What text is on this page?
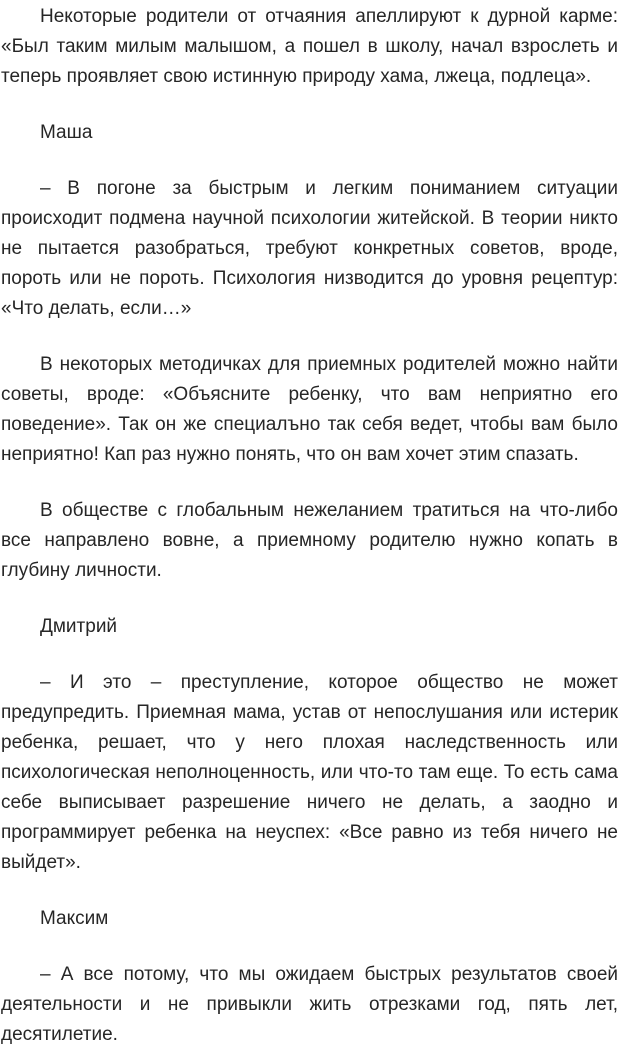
Некоторые родители от отчаяния апеллируют к дурной карме: «Был таким милым малышом, а пошел в школу, начал взрослеть и теперь проявляет свою истинную природу хама, лжеца, подлеца».

Маша

– В погоне за быстрым и легким пониманием ситуации происходит подмена научной психологии житейской. В теории никто не пытается разобраться, требуют конкретных советов, вроде, пороть или не пороть. Психология низводится до уровня рецептур: «Что делать, если…»

В некоторых методичках для приемных родителей можно найти советы, вроде: «Объясните ребенку, что вам неприятно его поведение». Так он же специалъно так себя ведет, чтобы вам было неприятно! Кап раз нужно понять, что он вам хочет этим спазать.

В обществе с глобальным нежеланием тратиться на что-либо все направлено вовне, а приемному родителю нужно копать в глубину личности.

Дмитрий

– И это – преступление, которое общество не может предупредить. Приемная мама, устав от непослушания или истерик ребенка, решает, что у него плохая наследственность или психологическая неполноценность, или что-то там еще. То есть сама себе выписывает разрешение ничего не делать, а заодно и программирует ребенка на неуспех: «Все равно из тебя ничего не выйдет».

Максим

– А все потому, что мы ожидаем быстрых результатов своей деятельности и не привыкли жить отрезками год, пять лет, десятилетие.
